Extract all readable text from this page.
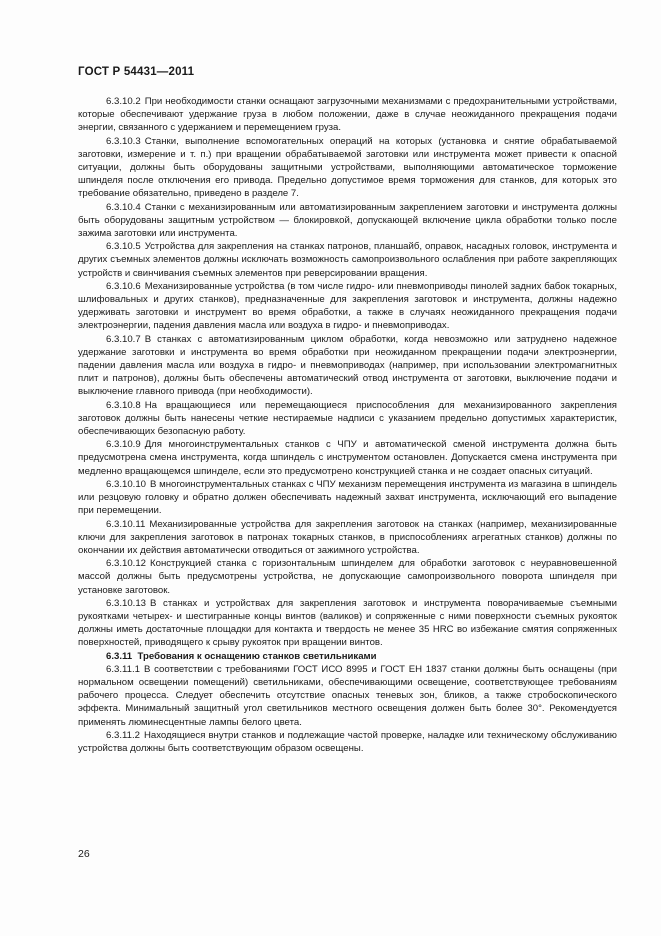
ГОСТ Р 54431—2011

6.3.10.2 При необходимости станки оснащают загрузочными механизмами с предохранительными устройствами, которые обеспечивают удержание груза в любом положении, даже в случае неожиданного прекращения подачи энергии, связанного с удержанием и перемещением груза.

6.3.10.3 Станки, выполнение вспомогательных операций на которых (установка и снятие обрабатываемой заготовки, измерение и т. п.) при вращении обрабатываемой заготовки или инструмента может привести к опасной ситуации, должны быть оборудованы защитными устройствами, выполняющими автоматическое торможение шпинделя после отключения его привода. Предельно допустимое время торможения для станков, для которых это требование обязательно, приведено в разделе 7.

6.3.10.4 Станки с механизированным или автоматизированным закреплением заготовки и инструмента должны быть оборудованы защитным устройством — блокировкой, допускающей включение цикла обработки только после зажима заготовки или инструмента.

6.3.10.5 Устройства для закрепления на станках патронов, планшайб, оправок, насадных головок, инструмента и других съемных элементов должны исключать возможность самопроизвольного ослабления при работе закрепляющих устройств и свинчивания съемных элементов при реверсировании вращения.

6.3.10.6 Механизированные устройства (в том числе гидро- или пневмоприводы пинолей задних бабок токарных, шлифовальных и других станков), предназначенные для закрепления заготовок и инструмента, должны надежно удерживать заготовки и инструмент во время обработки, а также в случаях неожиданного прекращения подачи электроэнергии, падения давления масла или воздуха в гидро- и пневмоприводах.

6.3.10.7 В станках с автоматизированным циклом обработки, когда невозможно или затруднено надежное удержание заготовки и инструмента во время обработки при неожиданном прекращении подачи электроэнергии, падении давления масла или воздуха в гидро- и пневмоприводах (например, при использовании электромагнитных плит и патронов), должны быть обеспечены автоматический отвод инструмента от заготовки, выключение подачи и выключение главного привода (при необходимости).

6.3.10.8 На вращающиеся или перемещающиеся приспособления для механизированного закрепления заготовок должны быть нанесены четкие нестираемые надписи с указанием предельно допустимых характеристик, обеспечивающих безопасную работу.

6.3.10.9 Для многоинструментальных станков с ЧПУ и автоматической сменой инструмента должна быть предусмотрена смена инструмента, когда шпиндель с инструментом остановлен. Допускается смена инструмента при медленно вращающемся шпинделе, если это предусмотрено конструкцией станка и не создает опасных ситуаций.

6.3.10.10 В многоинструментальных станках с ЧПУ механизм перемещения инструмента из магазина в шпиндель или резцовую головку и обратно должен обеспечивать надежный захват инструмента, исключающий его выпадение при перемещении.

6.3.10.11 Механизированные устройства для закрепления заготовок на станках (например, механизированные ключи для закрепления заготовок в патронах токарных станков, в приспособлениях агрегатных станков) должны по окончании их действия автоматически отводиться от зажимного устройства.

6.3.10.12 Конструкцией станка с горизонтальным шпинделем для обработки заготовок с неуравновешенной массой должны быть предусмотрены устройства, не допускающие самопроизвольного поворота шпинделя при установке заготовок.

6.3.10.13 В станках и устройствах для закрепления заготовок и инструмента поворачиваемые съемными рукоятками четырех- и шестигранные концы винтов (валиков) и сопряженные с ними поверхности съемных рукояток должны иметь достаточные площадки для контакта и твердость не менее 35 HRC во избежание смятия сопряженных поверхностей, приводящего к срыву рукояток при вращении винтов.

6.3.11 Требования к оснащению станков светильниками

6.3.11.1 В соответствии с требованиями ГОСТ ИСО 8995 и ГОСТ ЕН 1837 станки должны быть оснащены (при нормальном освещении помещений) светильниками, обеспечивающими освещение, соответствующее требованиям рабочего процесса. Следует обеспечить отсутствие опасных теневых зон, бликов, а также стробоскопического эффекта. Минимальный защитный угол светильников местного освещения должен быть более 30°. Рекомендуется применять люминесцентные лампы белого цвета.

6.3.11.2 Находящиеся внутри станков и подлежащие частой проверке, наладке или техническому обслуживанию устройства должны быть соответствующим образом освещены.

26
